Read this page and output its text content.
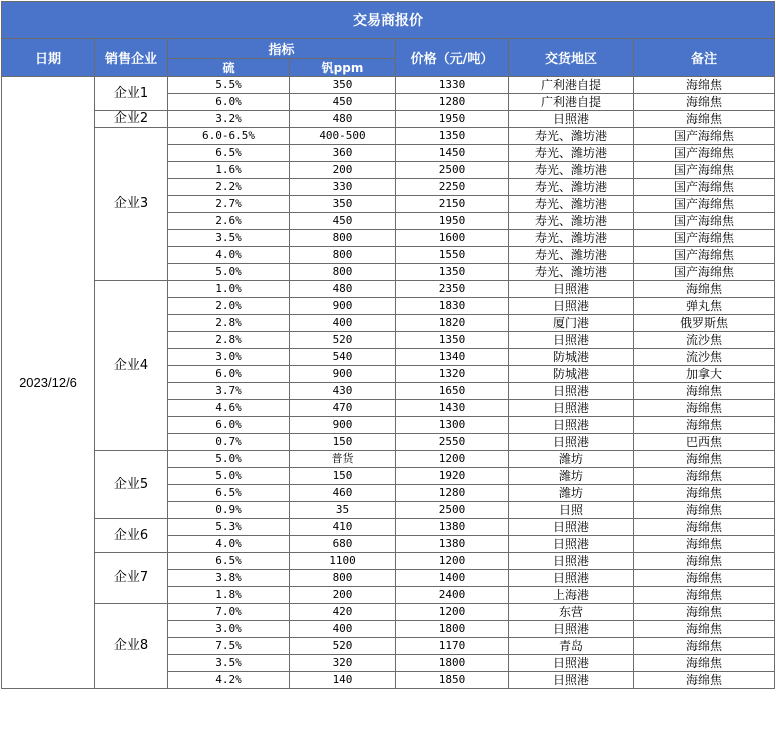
交易商报价						
日期	销售企业	指标		价格（元/吨）	交货地区	备注
		硫	钒ppm			
2023/12/6	企业1	5.5%	350	1330	广利港自提	海绵焦
		6.0%	450	1280	广利港自提	海绵焦
	企业2	3.2%	480	1950	日照港	海绵焦
	企业3	6.0-6.5%	400-500	1350	寿光、潍坊港	国产海绵焦
		6.5%	360	1450	寿光、潍坊港	国产海绵焦
		1.6%	200	2500	寿光、潍坊港	国产海绵焦
		2.2%	330	2250	寿光、潍坊港	国产海绵焦
		2.7%	350	2150	寿光、潍坊港	国产海绵焦
		2.6%	450	1950	寿光、潍坊港	国产海绵焦
		3.5%	800	1600	寿光、潍坊港	国产海绵焦
		4.0%	800	1550	寿光、潍坊港	国产海绵焦
		5.0%	800	1350	寿光、潍坊港	国产海绵焦
	企业4	1.0%	480	2350	日照港	海绵焦
		2.0%	900	1830	日照港	弹丸焦
		2.8%	400	1820	厦门港	俄罗斯焦
		2.8%	520	1350	日照港	流沙焦
		3.0%	540	1340	防城港	流沙焦
		6.0%	900	1320	防城港	加拿大
		3.7%	430	1650	日照港	海绵焦
		4.6%	470	1430	日照港	海绵焦
		6.0%	900	1300	日照港	海绵焦
		0.7%	150	2550	日照港	巴西焦
	企业5	5.0%	普货	1200	潍坊	海绵焦
		5.0%	150	1920	潍坊	海绵焦
		6.5%	460	1280	潍坊	海绵焦
		0.9%	35	2500	日照	海绵焦
	企业6	5.3%	410	1380	日照港	海绵焦
		4.0%	680	1380	日照港	海绵焦
	企业7	6.5%	1100	1200	日照港	海绵焦
		3.8%	800	1400	日照港	海绵焦
		1.8%	200	2400	上海港	海绵焦
	企业8	7.0%	420	1200	东营	海绵焦
		3.0%	400	1800	日照港	海绵焦
		7.5%	520	1170	青岛	海绵焦
		3.5%	320	1800	日照港	海绵焦
		4.2%	140	1850	日照港	海绵焦
